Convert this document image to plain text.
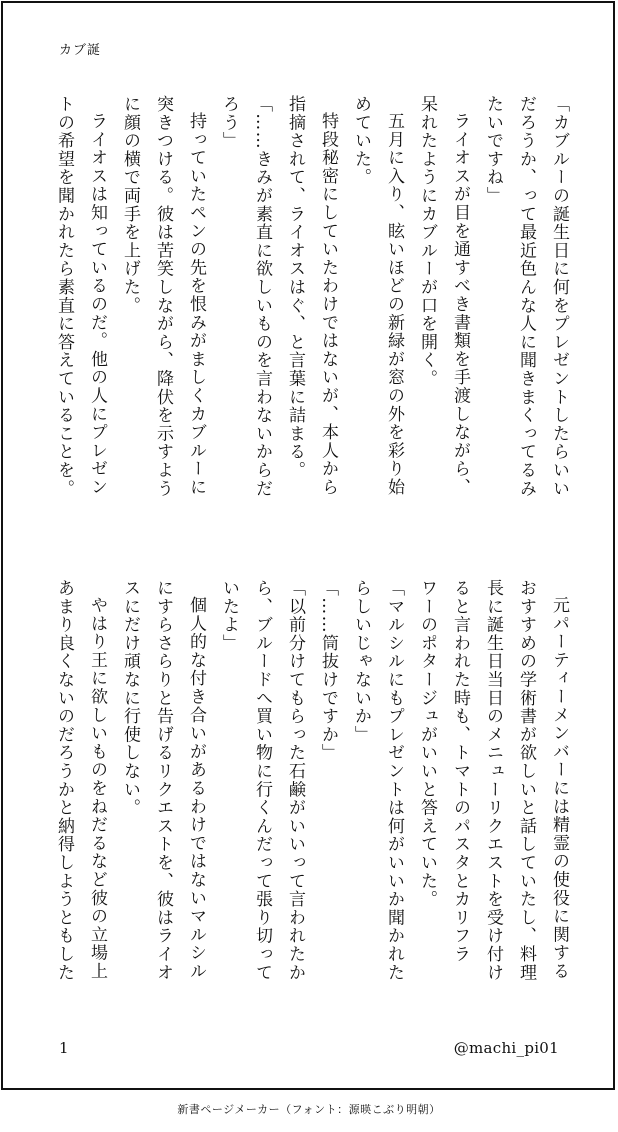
カブ誕

「カブルーの誕生日に何をプレゼントしたらいい

だろうか、って最近色んな人に聞きまくってるみ

たいですね」

ライオスが目を通すべき書類を手渡しながら、

呆れたようにカブルーが口を開く。

五月に入り、眩いほどの新緑が窓の外を彩り始

めていた。

特段秘密にしていたわけではないが、本人から

指摘されて、ライオスはぐ、と言葉に詰まる。

「……きみが素直に欲しいものを言わないからだ

ろう」

持っていたペンの先を恨みがましくカブルーに

突きつける。彼は苦笑しながら、降伏を示すよう

に顔の横で両手を上げた。

ライオスは知っているのだ。他の人にプレゼン

トの希望を聞かれたら素直に答えていることを。

元パーティーメンバーには精霊の使役に関する

おすすめの学術書が欲しいと話していたし、料理

長に誕生日当日のメニューリクエストを受け付け

ると言われた時も、トマトのパスタとカリフラ

ワーのポタージュがいいと答えていた。

「マルシルにもプレゼントは何がいいか聞かれた

らしいじゃないか」

「……筒抜けですか」

「以前分けてもらった石鹸がいいって言われたか

ら、ブルードへ買い物に行くんだって張り切って

いたよ」

個人的な付き合いがあるわけではないマルシル

にすらさらりと告げるリクエストを、彼はライオ

スにだけ頑なに行使しない。

やはり王に欲しいものをねだるなど彼の立場上

あまり良くないのだろうかと納得しようともした

1	@machi_pi01
新書ページメーカー（フォント：源暎こぶり明朝）
